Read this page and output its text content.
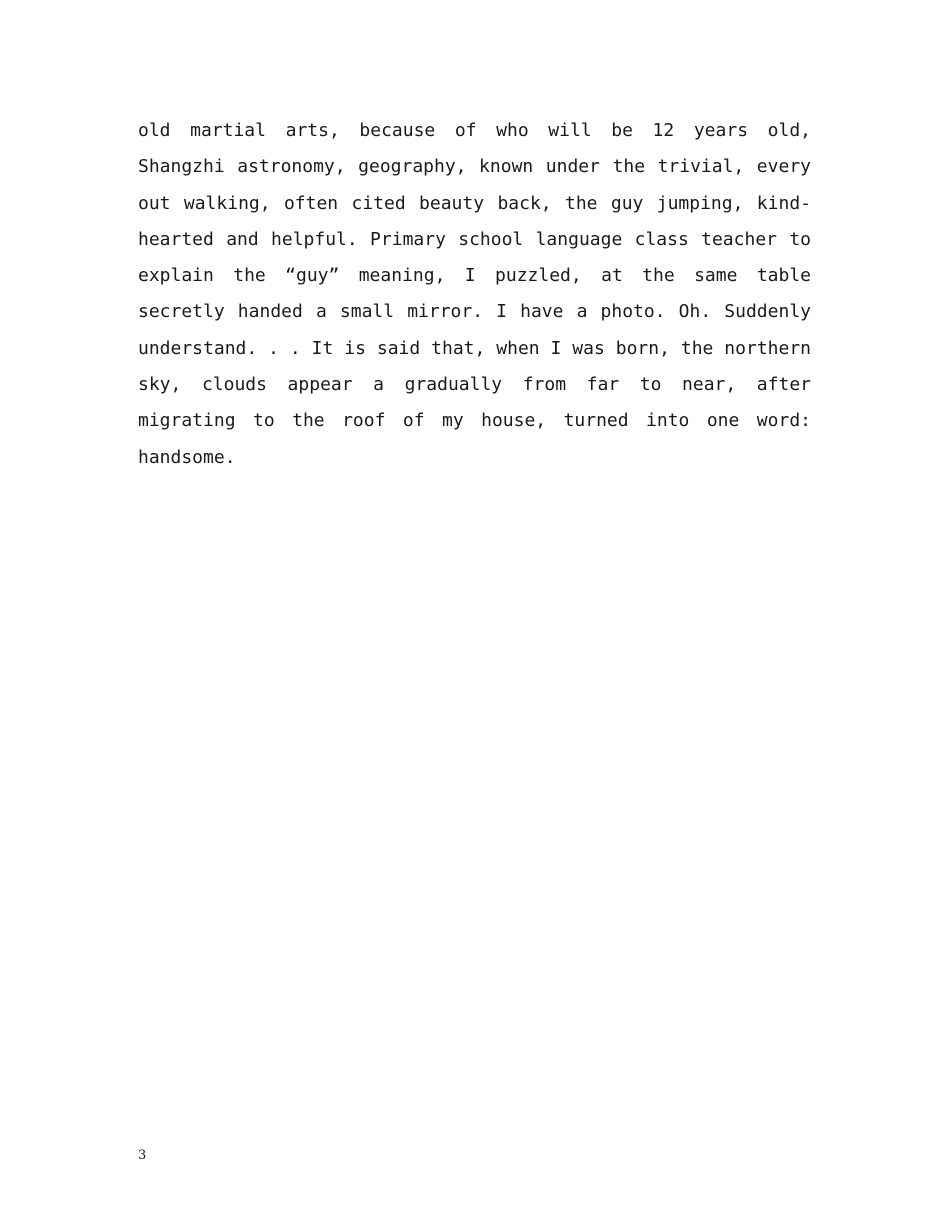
old martial arts, because of who will be 12 years old,
Shangzhi astronomy, geography, known under the trivial, every
out walking, often cited beauty back, the guy jumping, kind-
hearted and helpful. Primary school language class teacher to
explain the “guy” meaning, I puzzled, at the same table
secretly handed a small mirror. I have a photo. Oh. Suddenly
understand. . . It is said that, when I was born, the northern
sky, clouds appear a gradually from far to near, after
migrating to the roof of my house, turned into one word:
handsome.
3
